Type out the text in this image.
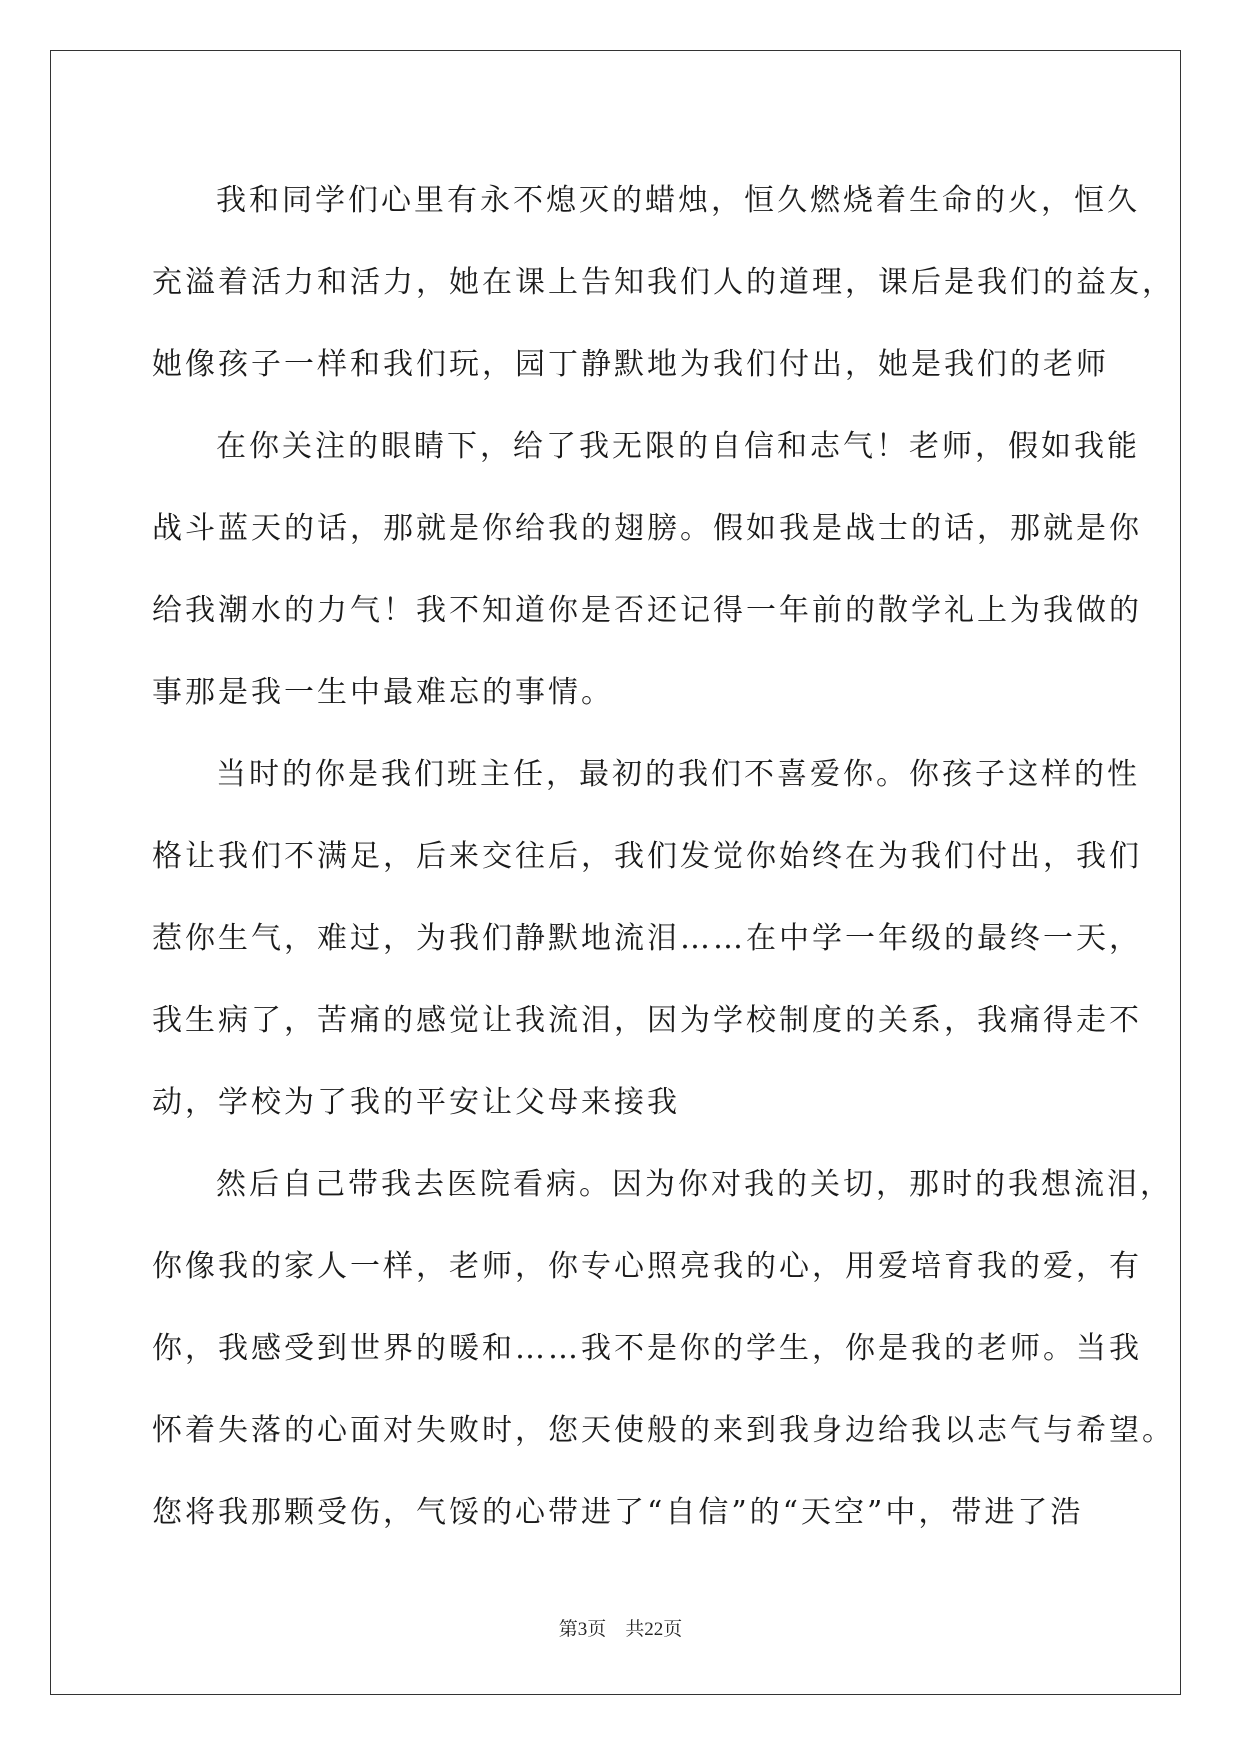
我和同学们心里有永不熄灭的蜡烛，恒久燃烧着生命的火，恒久
充溢着活力和活力，她在课上告知我们人的道理，课后是我们的益友，
她像孩子一样和我们玩，园丁静默地为我们付出，她是我们的老师
在你关注的眼睛下，给了我无限的自信和志气！老师，假如我能
战斗蓝天的话，那就是你给我的翅膀。假如我是战士的话，那就是你
给我潮水的力气！我不知道你是否还记得一年前的散学礼上为我做的
事那是我一生中最难忘的事情。
当时的你是我们班主任，最初的我们不喜爱你。你孩子这样的性
格让我们不满足，后来交往后，我们发觉你始终在为我们付出，我们
惹你生气，难过，为我们静默地流泪……在中学一年级的最终一天，
我生病了，苦痛的感觉让我流泪，因为学校制度的关系，我痛得走不
动，学校为了我的平安让父母来接我
然后自己带我去医院看病。因为你对我的关切，那时的我想流泪，
你像我的家人一样，老师，你专心照亮我的心，用爱培育我的爱，有
你，我感受到世界的暖和……我不是你的学生，你是我的老师。当我
怀着失落的心面对失败时，您天使般的来到我身边给我以志气与希望。
您将我那颗受伤，气馁的心带进了“自信”的“天空”中，带进了浩
第3页　共22页
